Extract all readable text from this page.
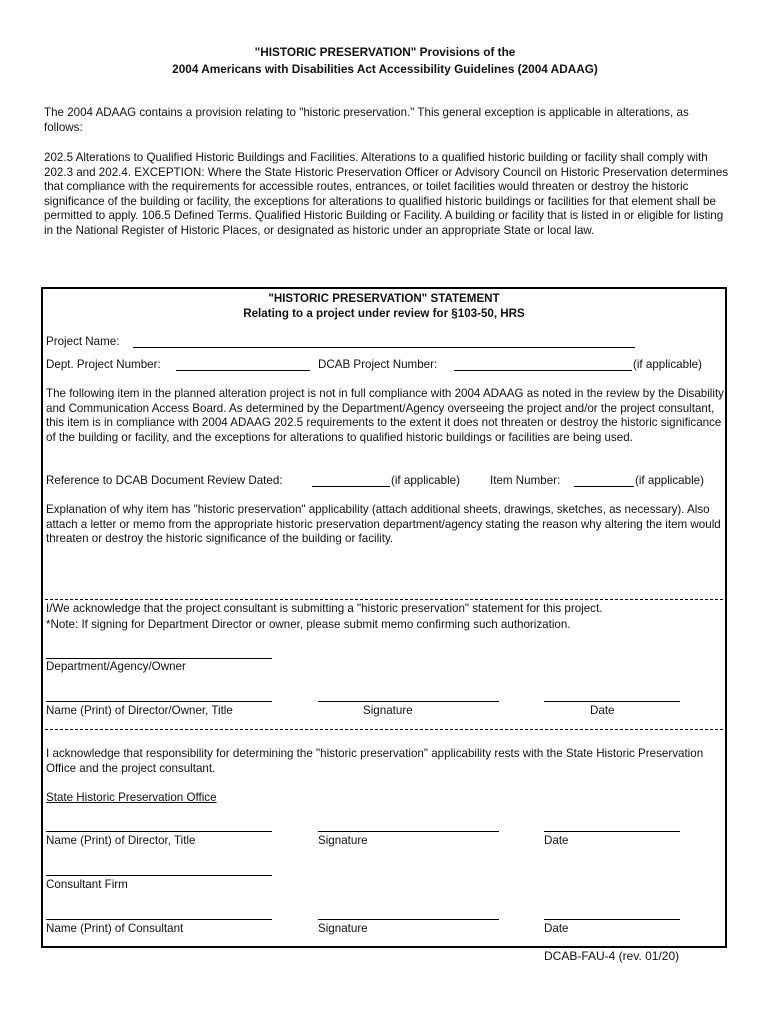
"HISTORIC PRESERVATION" Provisions of the
2004 Americans with Disabilities Act Accessibility Guidelines (2004 ADAAG)
The 2004 ADAAG contains a provision relating to "historic preservation." This general exception is applicable in alterations, as follows:
202.5 Alterations to Qualified Historic Buildings and Facilities. Alterations to a qualified historic building or facility shall comply with 202.3 and 202.4. EXCEPTION: Where the State Historic Preservation Officer or Advisory Council on Historic Preservation determines that compliance with the requirements for accessible routes, entrances, or toilet facilities would threaten or destroy the historic significance of the building or facility, the exceptions for alterations to qualified historic buildings or facilities for that element shall be permitted to apply. 106.5 Defined Terms. Qualified Historic Building or Facility. A building or facility that is listed in or eligible for listing in the National Register of Historic Places, or designated as historic under an appropriate State or local law.
"HISTORIC PRESERVATION" STATEMENT
Relating to a project under review for §103-50, HRS
Project Name:
Dept. Project Number:	DCAB Project Number:	(if applicable)
The following item in the planned alteration project is not in full compliance with 2004 ADAAG as noted in the review by the Disability and Communication Access Board. As determined by the Department/Agency overseeing the project and/or the project consultant, this item is in compliance with 2004 ADAAG 202.5 requirements to the extent it does not threaten or destroy the historic significance of the building or facility, and the exceptions for alterations to qualified historic buildings or facilities are being used.
Reference to DCAB Document Review Dated:	(if applicable)	Item Number:	(if applicable)
Explanation of why item has "historic preservation" applicability (attach additional sheets, drawings, sketches, as necessary). Also attach a letter or memo from the appropriate historic preservation department/agency stating the reason why altering the item would threaten or destroy the historic significance of the building or facility.
I/We acknowledge that the project consultant is submitting a "historic preservation" statement for this project.
*Note: If signing for Department Director or owner, please submit memo confirming such authorization.
Department/Agency/Owner
Name (Print) of Director/Owner, Title	Signature	Date
I acknowledge that responsibility for determining the "historic preservation" applicability rests with the State Historic Preservation Office and the project consultant.
State Historic Preservation Office
Name (Print) of Director, Title	Signature	Date
Consultant Firm
Name (Print) of Consultant	Signature	Date
DCAB-FAU-4 (rev. 01/20)
